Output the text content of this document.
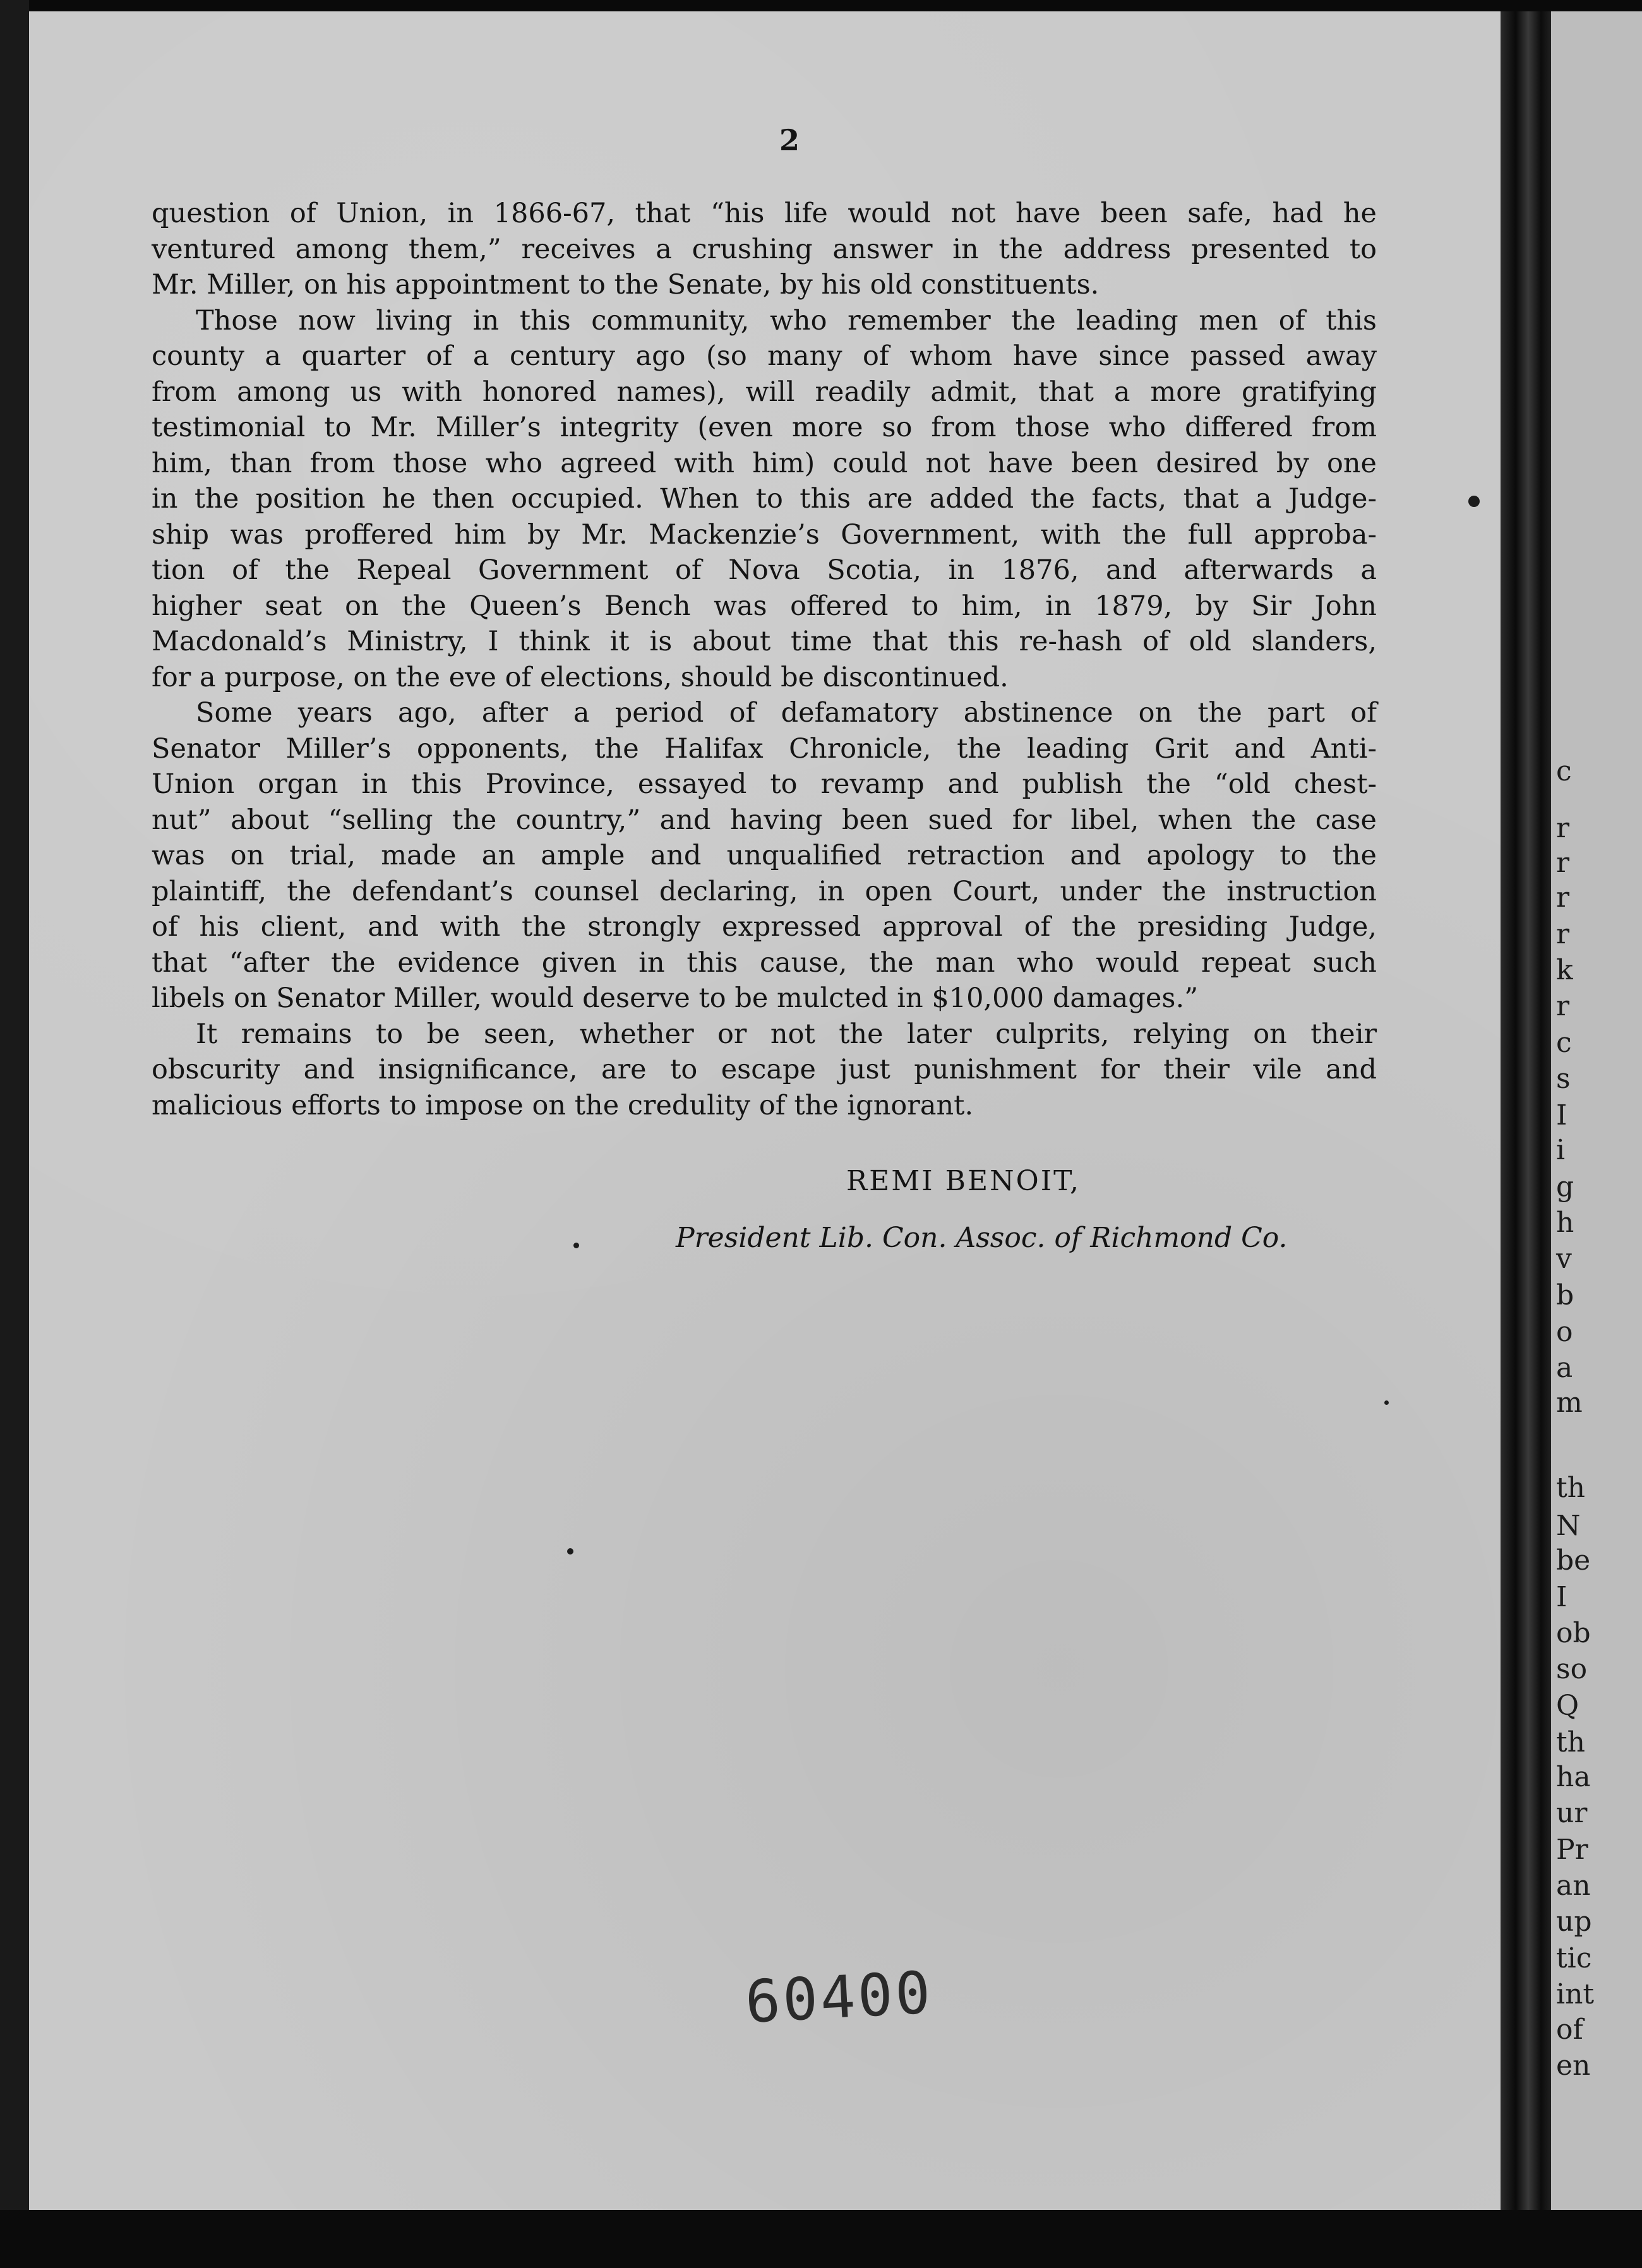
c
r
r
r
r
k
r
c
s
I
i
g
h
v
b
o
a
m
th
N
be
I
ob
so
Q
th
ha
ur
Pr
an
up
tic
int
of
en
2
question of Union, in 1866-67, that “his life would not have been safe, had he
ventured among them,” receives a crushing answer in the address presented to
Mr. Miller, on his appointment to the Senate, by his old constituents.
Those now living in this community, who remember the leading men of this
county a quarter of a century ago (so many of whom have since passed away
from among us with honored names), will readily admit, that a more gratifying
testimonial to Mr. Miller’s integrity (even more so from those who differed from
him, than from those who agreed with him) could not have been desired by one
in the position he then occupied. When to this are added the facts, that a Judge-
ship was proffered him by Mr. Mackenzie’s Government, with the full approba-
tion of the Repeal Government of Nova Scotia, in 1876, and afterwards a
higher seat on the Queen’s Bench was offered to him, in 1879, by Sir John
Macdonald’s Ministry, I think it is about time that this re-hash of old slanders,
for a purpose, on the eve of elections, should be discontinued.
Some years ago, after a period of defamatory abstinence on the part of
Senator Miller’s opponents, the Halifax Chronicle, the leading Grit and Anti-
Union organ in this Province, essayed to revamp and publish the “old chest-
nut” about “selling the country,” and having been sued for libel, when the case
was on trial, made an ample and unqualified retraction and apology to the
plaintiff, the defendant’s counsel declaring, in open Court, under the instruction
of his client, and with the strongly expressed approval of the presiding Judge,
that “after the evidence given in this cause, the man who would repeat such
libels on Senator Miller, would deserve to be mulcted in $10,000 damages.”
It remains to be seen, whether or not the later culprits, relying on their
obscurity and insignificance, are to escape just punishment for their vile and
malicious efforts to impose on the credulity of the ignorant.
REMI BENOIT,
President Lib. Con. Assoc. of Richmond Co.
60400
